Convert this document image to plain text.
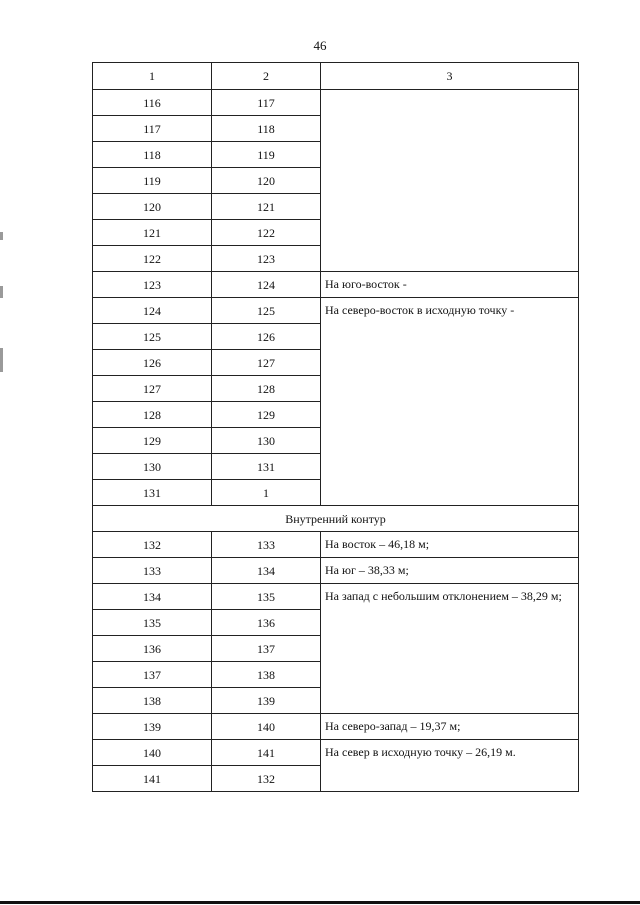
46
1	2	3
116	117	
117	118	
118	119	
119	120	
120	121	
121	122	
122	123	
123	124	На юго-восток -
124	125	На северо-восток в исходную точку -
125	126	
126	127	
127	128	
128	129	
129	130	
130	131	
131	1	
Внутренний контур		
132	133	На восток – 46,18 м;
133	134	На юг – 38,33 м;
134	135	На запад с небольшим отклонением – 38,29 м;
135	136	
136	137	
137	138	
138	139	
139	140	На северо-запад – 19,37 м;
140	141	На север в исходную точку – 26,19 м.
141	132	
